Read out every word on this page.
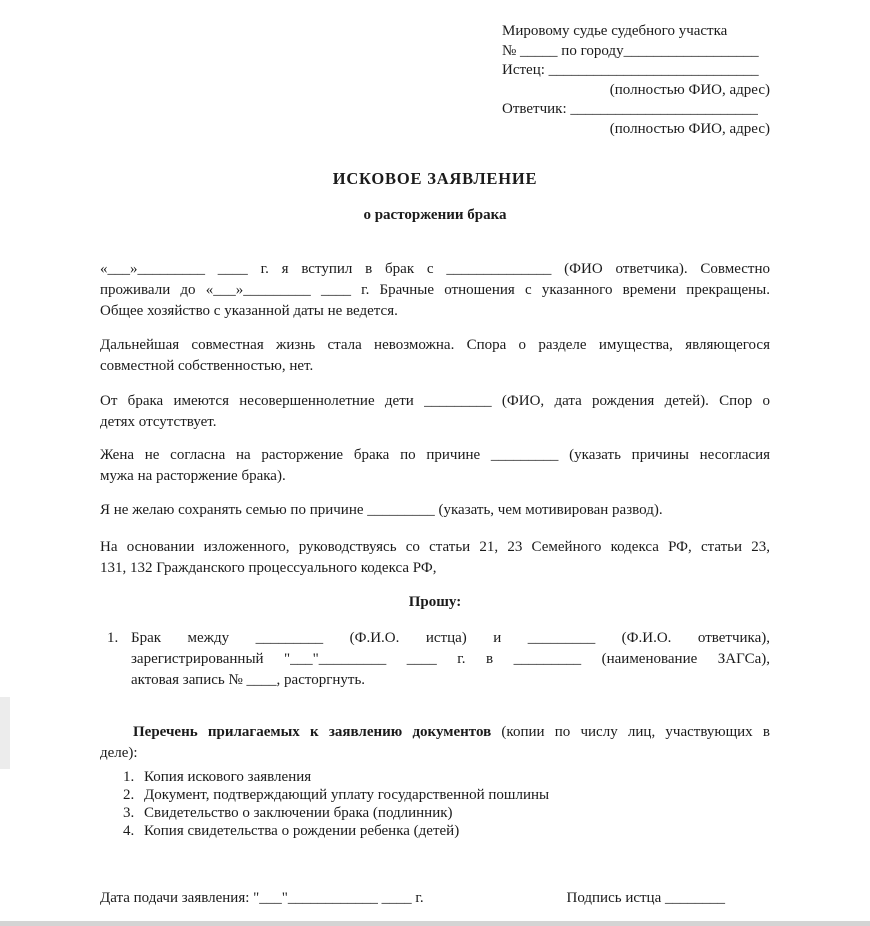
Мировому судье судебного участка
№ _____ по городу__________________
Истец: ____________________________
(полностью ФИО, адрес)
Ответчик: _________________________
(полностью ФИО, адрес)
ИСКОВОЕ ЗАЯВЛЕНИЕ
о расторжении брака
«___»_________ ____ г. я вступил в брак с ______________ (ФИО ответчика). Совместно
проживали до «___»_________ ____ г. Брачные отношения с указанного времени прекращены.
Общее хозяйство с указанной даты не ведется.
Дальнейшая совместная жизнь стала невозможна. Спора о разделе имущества, являющегося
совместной собственностью, нет.
От брака имеются несовершеннолетние дети _________ (ФИО, дата рождения детей). Спор о
детях отсутствует.
Жена не согласна на расторжение брака по причине _________ (указать причины несогласия
мужа на расторжение брака).
Я не желаю сохранять семью по причине _________ (указать, чем мотивирован развод).
На основании изложенного, руководствуясь со статьи 21, 23 Семейного кодекса РФ, статьи 23,
131, 132 Гражданского процессуального кодекса РФ,
Прошу:
1. Брак между _________ (Ф.И.О. истца) и _________ (Ф.И.О. ответчика),
зарегистрированный "___"_________ ____ г. в _________ (наименование ЗАГСа),
актовая запись № ____, расторгнуть.
Перечень прилагаемых к заявлению документов (копии по числу лиц, участвующих в
деле):
1. Копия искового заявления
2. Документ, подтверждающий уплату государственной пошлины
3. Свидетельство о заключении брака (подлинник)
4. Копия свидетельства о рождении ребенка (детей)
Дата подачи заявления: "___"____________ ____ г.	Подпись истца ________
